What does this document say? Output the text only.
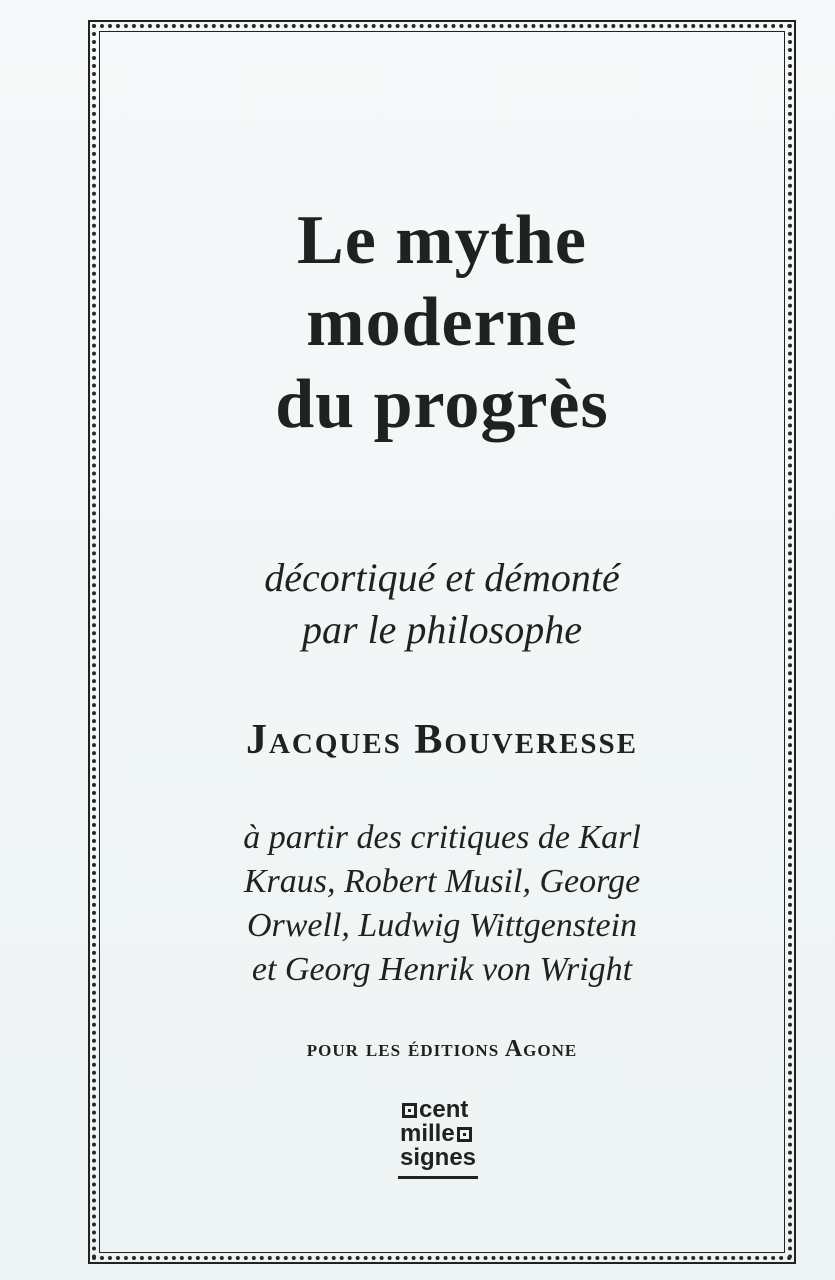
Le mythe
moderne
du progrès
décortiqué et démonté
par le philosophe
Jacques Bouveresse
à partir des critiques de Karl
Kraus, Robert Musil, George
Orwell, Ludwig Wittgenstein
et Georg Henrik von Wright
pour les éditions Agone
cent
mille
signes
